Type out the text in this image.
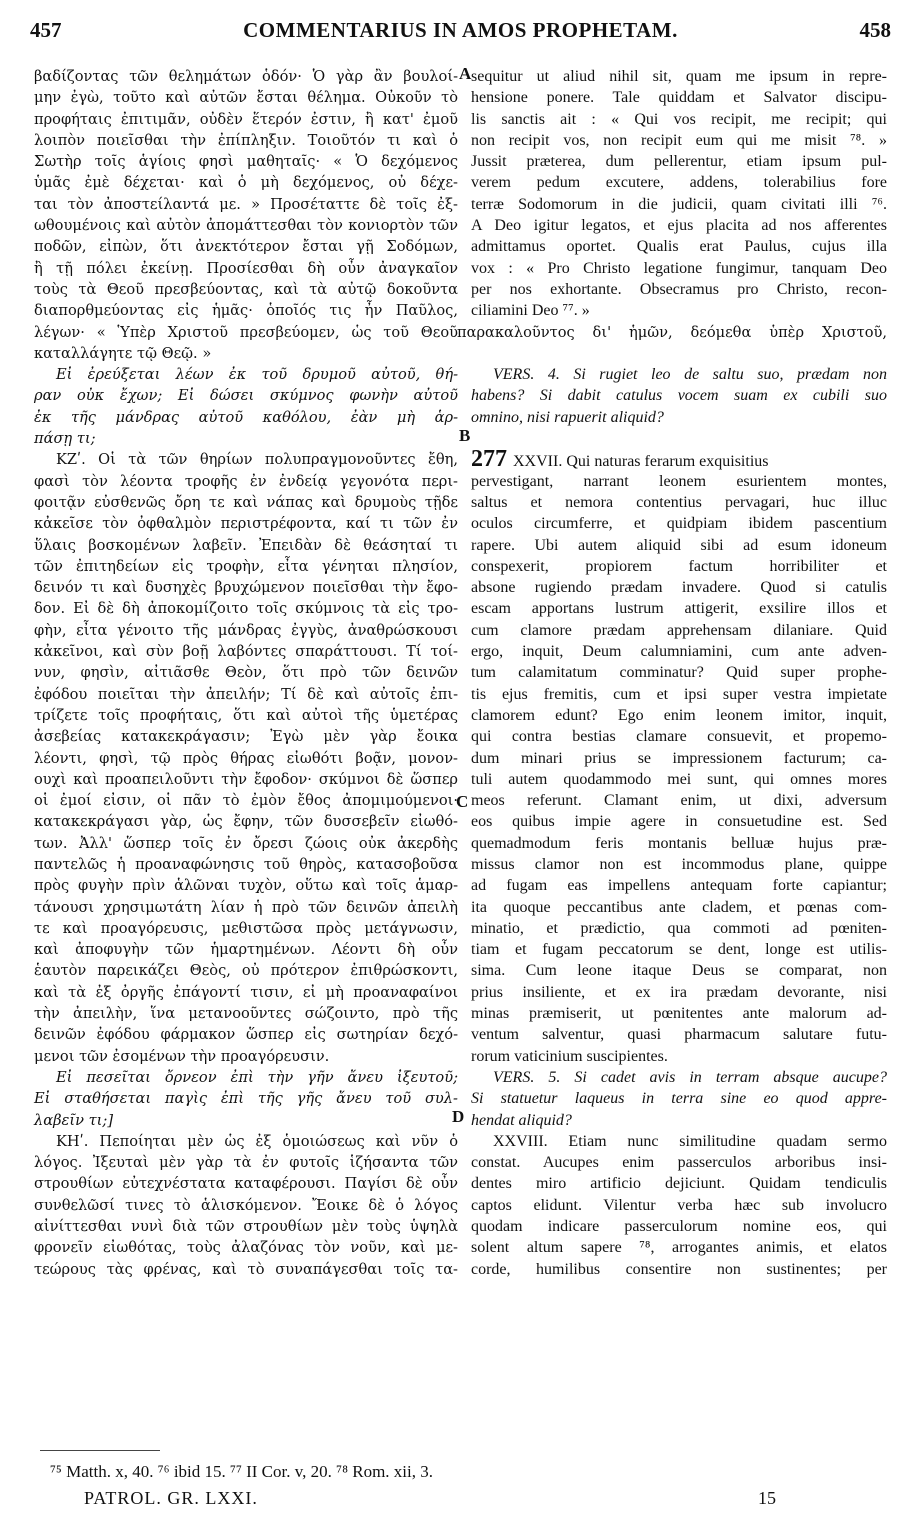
457	COMMENTARIUS IN AMOS PROPHETAM.	458
βαδίζοντας τῶν θελημάτων ὁδόν· Ὁ γὰρ ἂν βουλοί-
μην ἐγὼ, τοῦτο καὶ αὐτῶν ἔσται θέλημα. Οὐκοῦν τὸ
προφήταις ἐπιτιμᾶν, οὐδὲν ἕτερόν ἐστιν, ἢ κατ' ἐμοῦ
λοιπὸν ποιεῖσθαι τὴν ἐπίπληξιν. Τοιοῦτόν τι καὶ ὁ
Σωτὴρ τοῖς ἁγίοις φησὶ μαθηταῖς· « Ὁ δεχόμενος
ὑμᾶς ἐμὲ δέχεται· καὶ ὁ μὴ δεχόμενος, οὐ δέχε-
ται τὸν ἀποστείλαντά με. » Προσέταττε δὲ τοῖς ἐξ-
ωθουμένοις καὶ αὐτὸν ἀπομάττεσθαι τὸν κονιορτὸν τῶν
ποδῶν, εἰπὼν, ὅτι ἀνεκτότερον ἔσται γῇ Σοδόμων,
ἢ τῇ πόλει ἐκείνῃ. Προσίεσθαι δὴ οὖν ἀναγκαῖον
τοὺς τὰ Θεοῦ πρεσβεύοντας, καὶ τὰ αὐτῷ δοκοῦντα
διαπορθμεύοντας εἰς ἡμᾶς· ὁποῖός τις ἦν Παῦλος,
λέγων· « Ὑπὲρ Χριστοῦ πρεσβεύομεν, ὡς τοῦ Θεοῦ
καταλλάγητε τῷ Θεῷ. »
Εἰ ἐρεύξεται λέων ἐκ τοῦ δρυμοῦ αὐτοῦ, θή-
ραν οὐκ ἔχων; Εἰ δώσει σκύμνος φωνὴν αὐτοῦ
ἐκ τῆς μάνδρας αὐτοῦ καθόλου, ἐὰν μὴ ἁρ-
πάσῃ τι;
ΚΖʹ. Οἱ τὰ τῶν θηρίων πολυπραγμονοῦντες ἔθη,
φασὶ τὸν λέοντα τροφῆς ἐν ἐνδείᾳ γεγονότα περι-
φοιτᾷν εὐσθενῶς ὄρη τε καὶ νάπας καὶ δρυμοὺς τῇδε
κἀκεῖσε τὸν ὀφθαλμὸν περιστρέφοντα, καί τι τῶν ἐν
ὕλαις βοσκομένων λαβεῖν. Ἐπειδὰν δὲ θεάσηταί τι
τῶν ἐπιτηδείων εἰς τροφὴν, εἶτα γένηται πλησίον,
δεινόν τι καὶ δυσηχὲς βρυχώμενον ποιεῖσθαι τὴν ἔφο-
δον. Εἰ δὲ δὴ ἀποκομίζοιτο τοῖς σκύμνοις τὰ εἰς τρο-
φὴν, εἶτα γένοιτο τῆς μάνδρας ἐγγὺς, ἀναθρώσκουσι
κἀκεῖνοι, καὶ σὺν βοῇ λαβόντες σπαράττουσι. Τί τοί-
νυν, φησὶν, αἰτιᾶσθε Θεὸν, ὅτι πρὸ τῶν δεινῶν
ἐφόδου ποιεῖται τὴν ἀπειλήν; Τί δὲ καὶ αὐτοῖς ἐπι-
τρίζετε τοῖς προφήταις, ὅτι καὶ αὐτοὶ τῆς ὑμετέρας
ἀσεβείας κατακεκράγασιν; Ἐγὼ μὲν γὰρ ἔοικα
λέοντι, φησὶ, τῷ πρὸς θήρας εἰωθότι βοᾷν, μονον-
ουχὶ καὶ προαπειλοῦντι τὴν ἔφοδον· σκύμνοι δὲ ὥσπερ
οἱ ἐμοί εἰσιν, οἱ πᾶν τὸ ἐμὸν ἔθος ἀπομιμούμενοι·
κατακεκράγασι γὰρ, ὡς ἔφην, τῶν δυσσεβεῖν εἰωθό-
των. Ἀλλ' ὥσπερ τοῖς ἐν ὄρεσι ζώοις οὐκ ἀκερδὴς
παντελῶς ἡ προαναφώνησις τοῦ θηρὸς, κατασοβοῦσα
πρὸς φυγὴν πρὶν ἁλῶναι τυχὸν, οὕτω καὶ τοῖς ἁμαρ-
τάνουσι χρησιμωτάτη λίαν ἡ πρὸ τῶν δεινῶν ἀπειλὴ
τε καὶ προαγόρευσις, μεθιστῶσα πρὸς μετάγνωσιν,
καὶ ἀποφυγὴν τῶν ἡμαρτημένων. Λέοντι δὴ οὖν
ἑαυτὸν παρεικάζει Θεὸς, οὐ πρότερον ἐπιθρώσκοντι,
καὶ τὰ ἐξ ὀργῆς ἐπάγοντί τισιν, εἰ μὴ προαναφαίνοι
τὴν ἀπειλὴν, ἵνα μετανοοῦντες σώζοιντο, πρὸ τῆς
δεινῶν ἐφόδου φάρμακον ὥσπερ εἰς σωτηρίαν δεχό-
μενοι τῶν ἐσομένων τὴν προαγόρευσιν.
Εἰ πεσεῖται ὄρνεον ἐπὶ τὴν γῆν ἄνευ ἰξευτοῦ;
Εἰ σταθήσεται παγὶς ἐπὶ τῆς γῆς ἄνευ τοῦ συλ-
λαβεῖν τι;]
ΚΗʹ. Πεποίηται μὲν ὡς ἐξ ὁμοιώσεως καὶ νῦν ὁ
λόγος. Ἰξευταὶ μὲν γὰρ τὰ ἐν φυτοῖς ἱζήσαντα τῶν
στρουθίων εὐτεχνέστατα καταφέρουσι. Παγίσι δὲ οὖν
συνθελῶσί τινες τὸ ἁλισκόμενον. Ἔοικε δὲ ὁ λόγος
αἰνίττεσθαι νυνὶ διὰ τῶν στρουθίων μὲν τοὺς ὑψηλὰ
φρονεῖν εἰωθότας, τοὺς ἀλαζόνας τὸν νοῦν, καὶ με-
τεώρους τὰς φρένας, καὶ τὸ συναπάγεσθαι τοῖς τα-
sequitur ut aliud nihil sit, quam me ipsum in repre-
hensione ponere. Tale quiddam et Salvator discipu-
lis sanctis ait : « Qui vos recipit, me recipit; qui
non recipit vos, non recipit eum qui me misit ⁷⁸. »
Jussit præterea, dum pellerentur, etiam ipsum pul-
verem pedum excutere, addens, tolerabilius fore
terræ Sodomorum in die judicii, quam civitati illi ⁷⁶.
A Deo igitur legatos, et ejus placita ad nos afferentes
admittamus oportet. Qualis erat Paulus, cujus illa
vox : « Pro Christo legatione fungimur, tanquam Deo
per nos exhortante. Obsecramus pro Christo, recon-
ciliamini Deo ⁷⁷. »
παρακαλοῦντος δι' ἡμῶν, δεόμεθα ὑπὲρ Χριστοῦ,
VERS. 4. Si rugiet leo de saltu suo, prædam non
habens? Si dabit catulus vocem suam ex cubili suo
omnino, nisi rapuerit aliquid?
277 XXVII. Qui naturas ferarum exquisitius
pervestigant, narrant leonem esurientem montes,
saltus et nemora contentius pervagari, huc illuc
oculos circumferre, et quidpiam ibidem pascentium
rapere. Ubi autem aliquid sibi ad esum idoneum
conspexerit, propiorem factum horribiliter et
absone rugiendo prædam invadere. Quod si catulis
escam apportans lustrum attigerit, exsilire illos et
cum clamore prædam apprehensam dilaniare. Quid
ergo, inquit, Deum calumniamini, cum ante adven-
tum calamitatum comminatur? Quid super prophe-
tis ejus fremitis, cum et ipsi super vestra impietate
clamorem edunt? Ego enim leonem imitor, inquit,
qui contra bestias clamare consuevit, et propemo-
dum minari prius se impressionem facturum; ca-
tuli autem quodammodo mei sunt, qui omnes mores
meos referunt. Clamant enim, ut dixi, adversum
eos quibus impie agere in consuetudine est. Sed
quemadmodum feris montanis belluæ hujus præ-
missus clamor non est incommodus plane, quippe
ad fugam eas impellens antequam forte capiantur;
ita quoque peccantibus ante cladem, et pœnas com-
minatio, et prædictio, qua commoti ad pœniten-
tiam et fugam peccatorum se dent, longe est utilis-
sima. Cum leone itaque Deus se comparat, non
prius insiliente, et ex ira prædam devorante, nisi
minas præmiserit, ut pœnitentes ante malorum ad-
ventum salventur, quasi pharmacum salutare futu-
rorum vaticinium suscipientes.
VERS. 5. Si cadet avis in terram absque aucupe?
Si statuetur laqueus in terra sine eo quod appre-
hendat aliquid?
XXVIII. Etiam nunc similitudine quadam sermo
constat. Aucupes enim passerculos arboribus insi-
dentes miro artificio dejiciunt. Quidam tendiculis
captos elidunt. Vilentur verba hæc sub involucro
quodam indicare passerculorum nomine eos, qui
solent altum sapere ⁷⁸, arrogantes animis, et elatos
corde, humilibus consentire non sustinentes; per
A
B
C
D
⁷⁵ Matth. x, 40. ⁷⁶ ibid 15. ⁷⁷ II Cor. v, 20. ⁷⁸ Rom. xii, 3.
PATROL. GR. LXXI.	15
